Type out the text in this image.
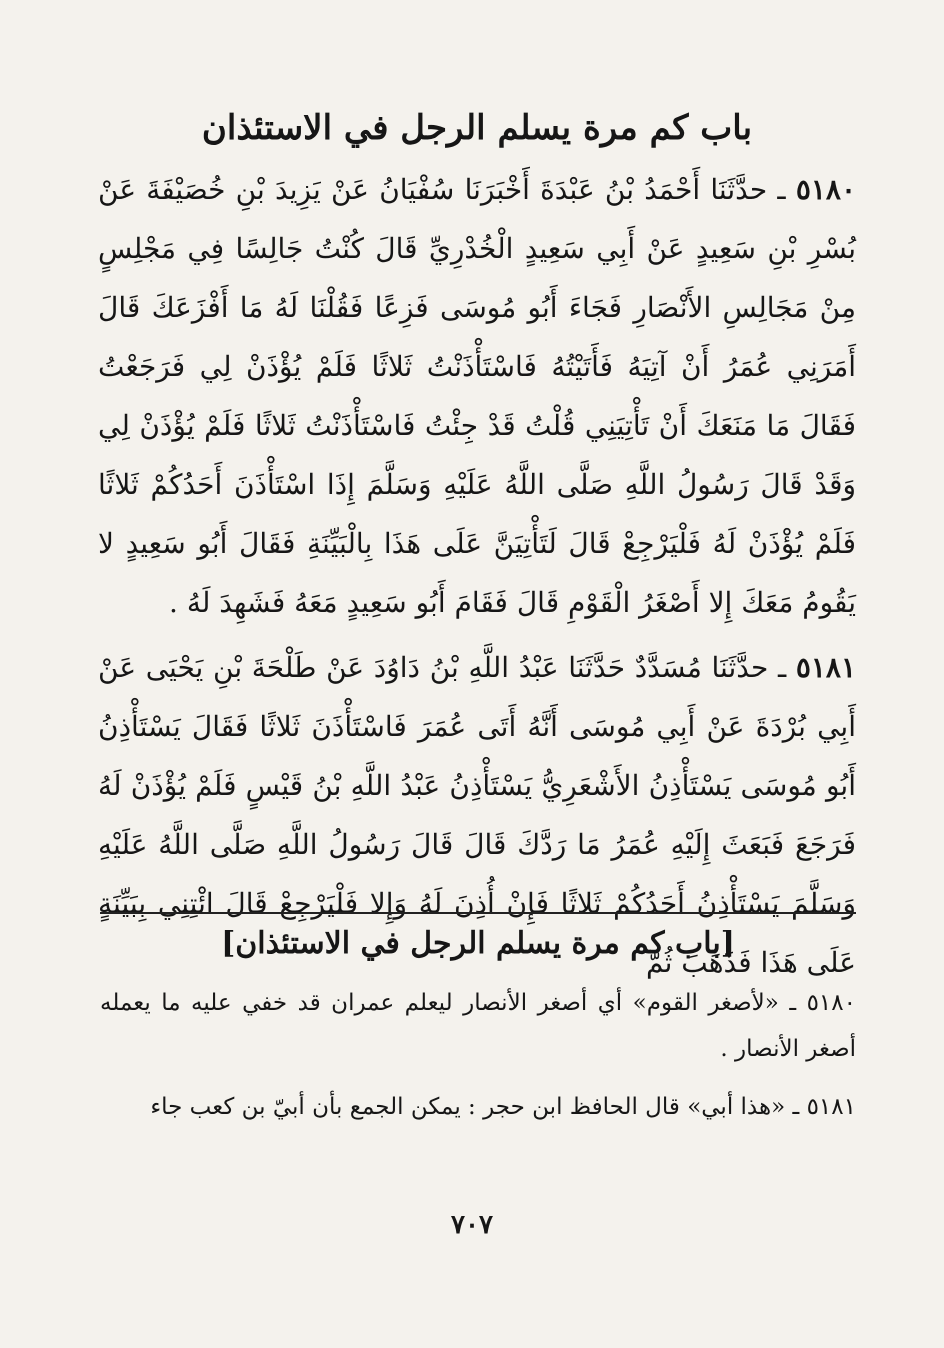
باب كم مرة يسلم الرجل في الاستئذان

٥١٨٠ ـ حدَّثَنَا أَحْمَدُ بْنُ عَبْدَةَ أَخْبَرَنَا سُفْيَانُ عَنْ يَزِيدَ بْنِ خُصَيْفَةَ عَنْ بُسْرِ بْنِ سَعِيدٍ عَنْ أَبِي سَعِيدٍ الْخُدْرِيِّ قَالَ كُنْتُ جَالِسًا فِي مَجْلِسٍ مِنْ مَجَالِسِ الأَنْصَارِ فَجَاءَ أَبُو مُوسَى فَزِعًا فَقُلْنَا لَهُ مَا أَفْزَعَكَ قَالَ أَمَرَنِي عُمَرُ أَنْ آتِيَهُ فَأَتَيْتُهُ فَاسْتَأْذَنْتُ ثَلاثًا فَلَمْ يُؤْذَنْ لِي فَرَجَعْتُ فَقَالَ مَا مَنَعَكَ أَنْ تَأْتِيَنِي قُلْتُ قَدْ جِئْتُ فَاسْتَأْذَنْتُ ثَلاثًا فَلَمْ يُؤْذَنْ لِي وَقَدْ قَالَ رَسُولُ اللَّهِ صَلَّى اللَّهُ عَلَيْهِ وَسَلَّمَ إِذَا اسْتَأْذَنَ أَحَدُكُمْ ثَلاثًا فَلَمْ يُؤْذَنْ لَهُ فَلْيَرْجِعْ قَالَ لَتَأْتِيَنَّ عَلَى هَذَا بِالْبَيِّنَةِ فَقَالَ أَبُو سَعِيدٍ لا يَقُومُ مَعَكَ إِلا أَصْغَرُ الْقَوْمِ قَالَ فَقَامَ أَبُو سَعِيدٍ مَعَهُ فَشَهِدَ لَهُ .

٥١٨١ ـ حدَّثَنَا مُسَدَّدٌ حَدَّثَنَا عَبْدُ اللَّهِ بْنُ دَاوُدَ عَنْ طَلْحَةَ بْنِ يَحْيَى عَنْ أَبِي بُرْدَةَ عَنْ أَبِي مُوسَى أَنَّهُ أَتَى عُمَرَ فَاسْتَأْذَنَ ثَلاثًا فَقَالَ يَسْتَأْذِنُ أَبُو مُوسَى يَسْتَأْذِنُ الأَشْعَرِيُّ يَسْتَأْذِنُ عَبْدُ اللَّهِ بْنُ قَيْسٍ فَلَمْ يُؤْذَنْ لَهُ فَرَجَعَ فَبَعَثَ إِلَيْهِ عُمَرُ مَا رَدَّكَ قَالَ قَالَ رَسُولُ اللَّهِ صَلَّى اللَّهُ عَلَيْهِ وَسَلَّمَ يَسْتَأْذِنُ أَحَدُكُمْ ثَلاثًا فَإِنْ أُذِنَ لَهُ وَإِلا فَلْيَرْجِعْ قَالَ ائْتِنِي بِبَيِّنَةٍ عَلَى هَذَا فَذَهَبَ ثُمَّ

[باب كم مرة يسلم الرجل في الاستئذان]

٥١٨٠ ـ «لأصغر القوم» أي أصغر الأنصار ليعلم عمران قد خفي عليه ما يعمله أصغر الأنصار .

٥١٨١ ـ «هذا أبي» قال الحافظ ابن حجر : يمكن الجمع بأن أبيّ بن كعب جاء

٧٠٧
